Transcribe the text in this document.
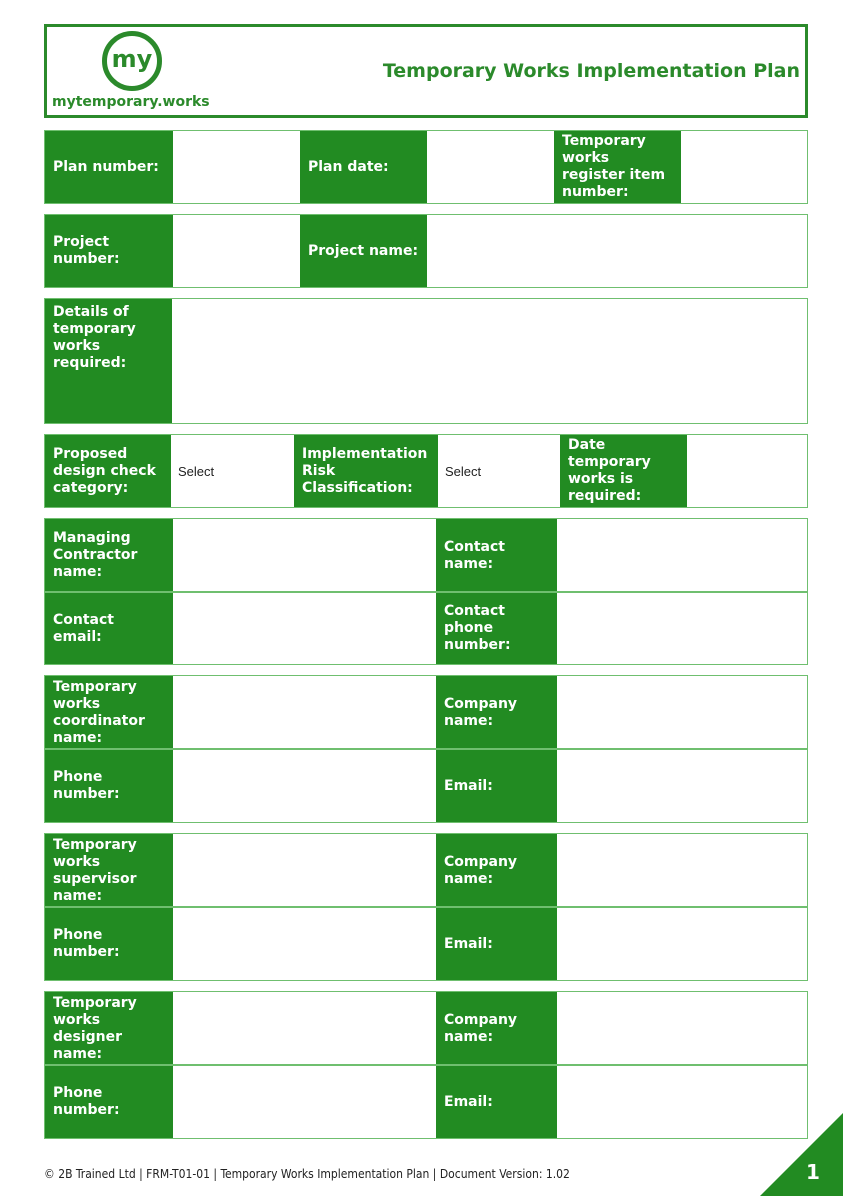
my
mytemporary.works
Temporary Works Implementation Plan
Plan number:	Plan date:
Temporary works register item number:
Project number:
Project name:
Details of temporary works required:
Proposed design check category:
Select
Implementation Risk Classification:
Select
Date temporary works is required:
Managing Contractor name:
Contact name:
Contact email:
Contact phone number:
Temporary works coordinator name:
Company name:
Phone number:
Email:
Temporary works supervisor name:
Company name:
Phone number:
Email:
Temporary works designer name:
Company name:
Phone number:
Email:
© 2B Trained Ltd | FRM-T01-01 | Temporary Works Implementation Plan | Document Version: 1.02	1
